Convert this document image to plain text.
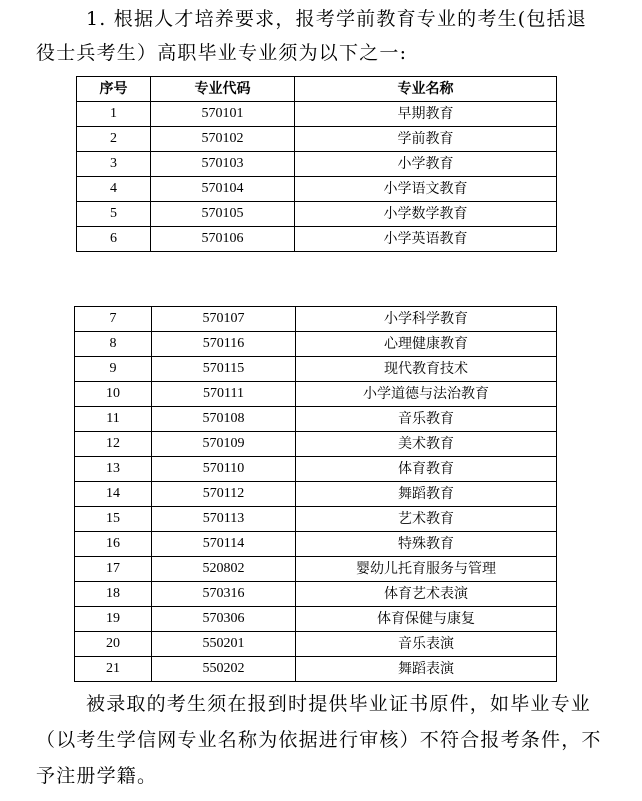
1. 根据人才培养要求，报考学前教育专业的考生(包括退役士兵考生）高职毕业专业须为以下之一:

序号	专业代码	专业名称
1	570101	早期教育
2	570102	学前教育
3	570103	小学教育
4	570104	小学语文教育
5	570105	小学数学教育
6	570106	小学英语教育
7	570107	小学科学教育
8	570116	心理健康教育
9	570115	现代教育技术
10	570111	小学道德与法治教育
11	570108	音乐教育
12	570109	美术教育
13	570110	体育教育
14	570112	舞蹈教育
15	570113	艺术教育
16	570114	特殊教育
17	520802	婴幼儿托育服务与管理
18	570316	体育艺术表演
19	570306	体育保健与康复
20	550201	音乐表演
21	550202	舞蹈表演

被录取的考生须在报到时提供毕业证书原件，如毕业专业（以考生学信网专业名称为依据进行审核）不符合报考条件，不予注册学籍。
